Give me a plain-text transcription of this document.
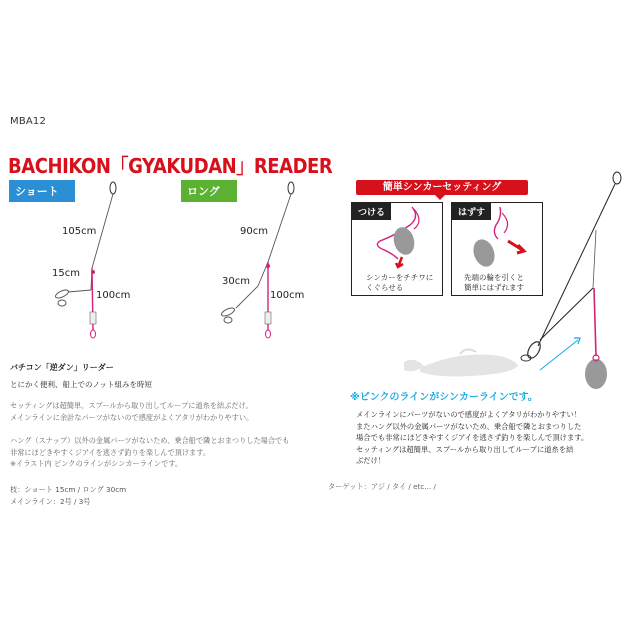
MBA12
BACHIKON「GYAKUDAN」READER
ショート	ロング
105cm
15cm
100cm
90cm
30cm
100cm
バチコン「逆ダン」リーダー
とにかく便利、船上でのノット組みを時短
セッティングは超簡単、スプールから取り出してループに道糸を結ぶだけ。
メインラインに余計なパーツがないので感度がよくアタリがわかりやすい。
ハング（スナップ）以外の金属パーツがないため、乗合船で隣とおまつりした場合でも
非常にほどきやすくジアイを逃さず釣りを楽しんで頂けます。
※イラスト内 ピンクのラインがシンカーラインです。
枝：ショート 15cm / ロング 30cm
メインライン：2号 / 3号
簡単シンカーセッティング
つける
シンカーをチチワに
くぐらせる
はずす
先端の輪を引くと
簡単にはずれます
※ピンクのラインがシンカーラインです。
メインラインにパーツがないので感度がよくアタリがわかりやすい！
またハング以外の金属パーツがないため、乗合船で隣とおまつりした
場合でも非常にほどきやすくジアイを逃さず釣りを楽しんで頂けます。
セッティングは超簡単、スプールから取り出してループに道糸を結
ぶだけ！
ターゲット：アジ / タイ / etc... /
